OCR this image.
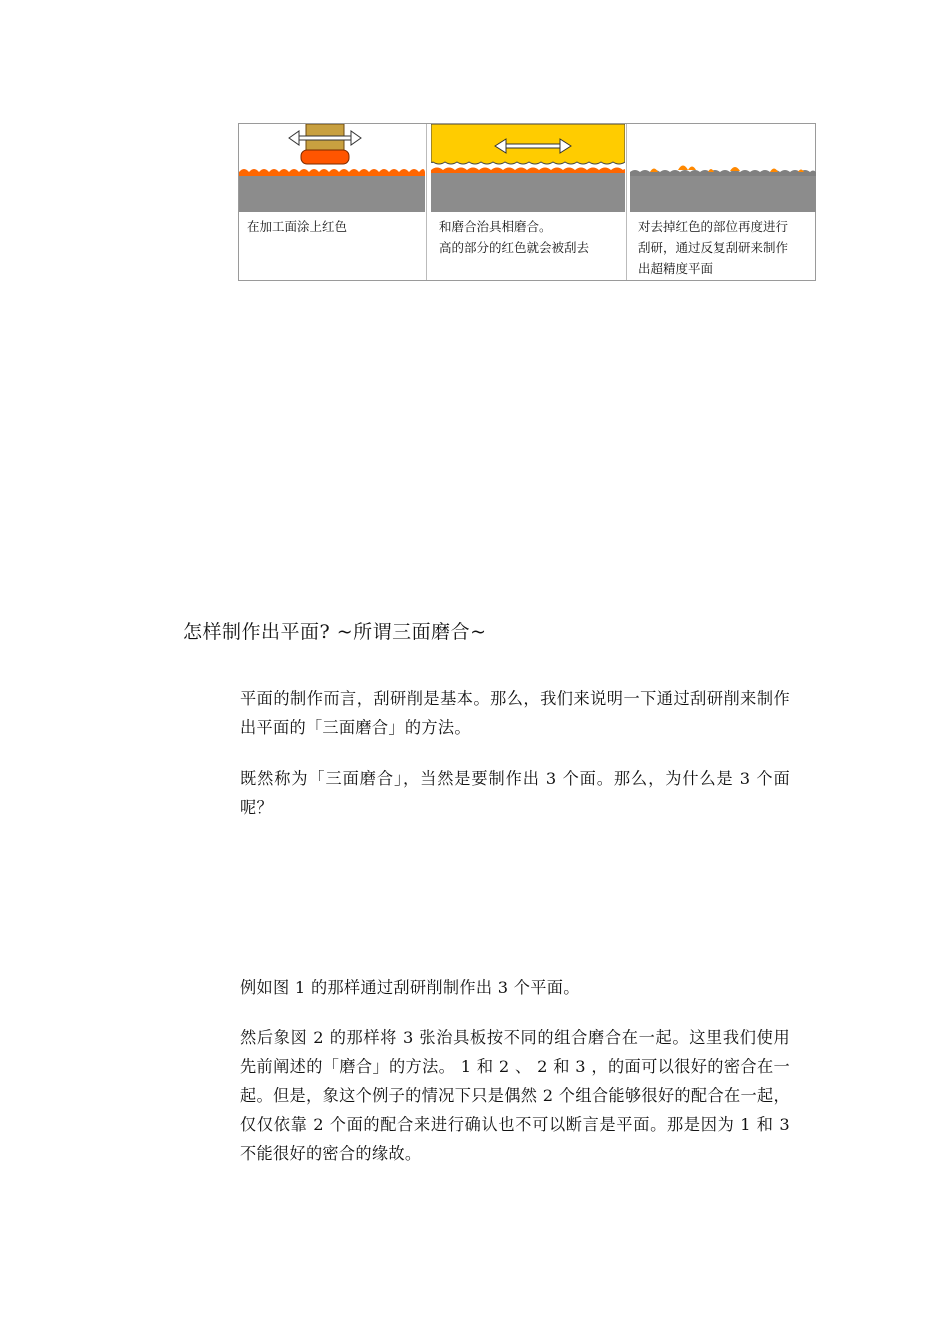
在加工面涂上红色	和磨合治具相磨合。
高的部分的红色就会被刮去
对去掉红色的部位再度进行
刮研，通过反复刮研来制作
出超精度平面
怎样制作出平面? ~所谓三面磨合~

平面的制作而言，刮研削是基本。那么，我们来说明一下通过刮研削来制作出平面的「三面磨合」的方法。

既然称为「三面磨合」，当然是要制作出 3 个面。那么，为什么是 3 个面呢？

例如图 1 的那样通过刮研削制作出 3 个平面。

然后象図 2 的那样将 3 张治具板按不同的组合磨合在一起。这里我们使用先前阐述的「磨合」的方法。 1 和 2 、 2 和 3 ，的面可以很好的密合在一起。但是，象这个例子的情况下只是偶然 2 个组合能够很好的配合在一起，仅仅依靠 2 个面的配合来进行确认也不可以断言是平面。那是因为 1 和 3 不能很好的密合的缘故。
